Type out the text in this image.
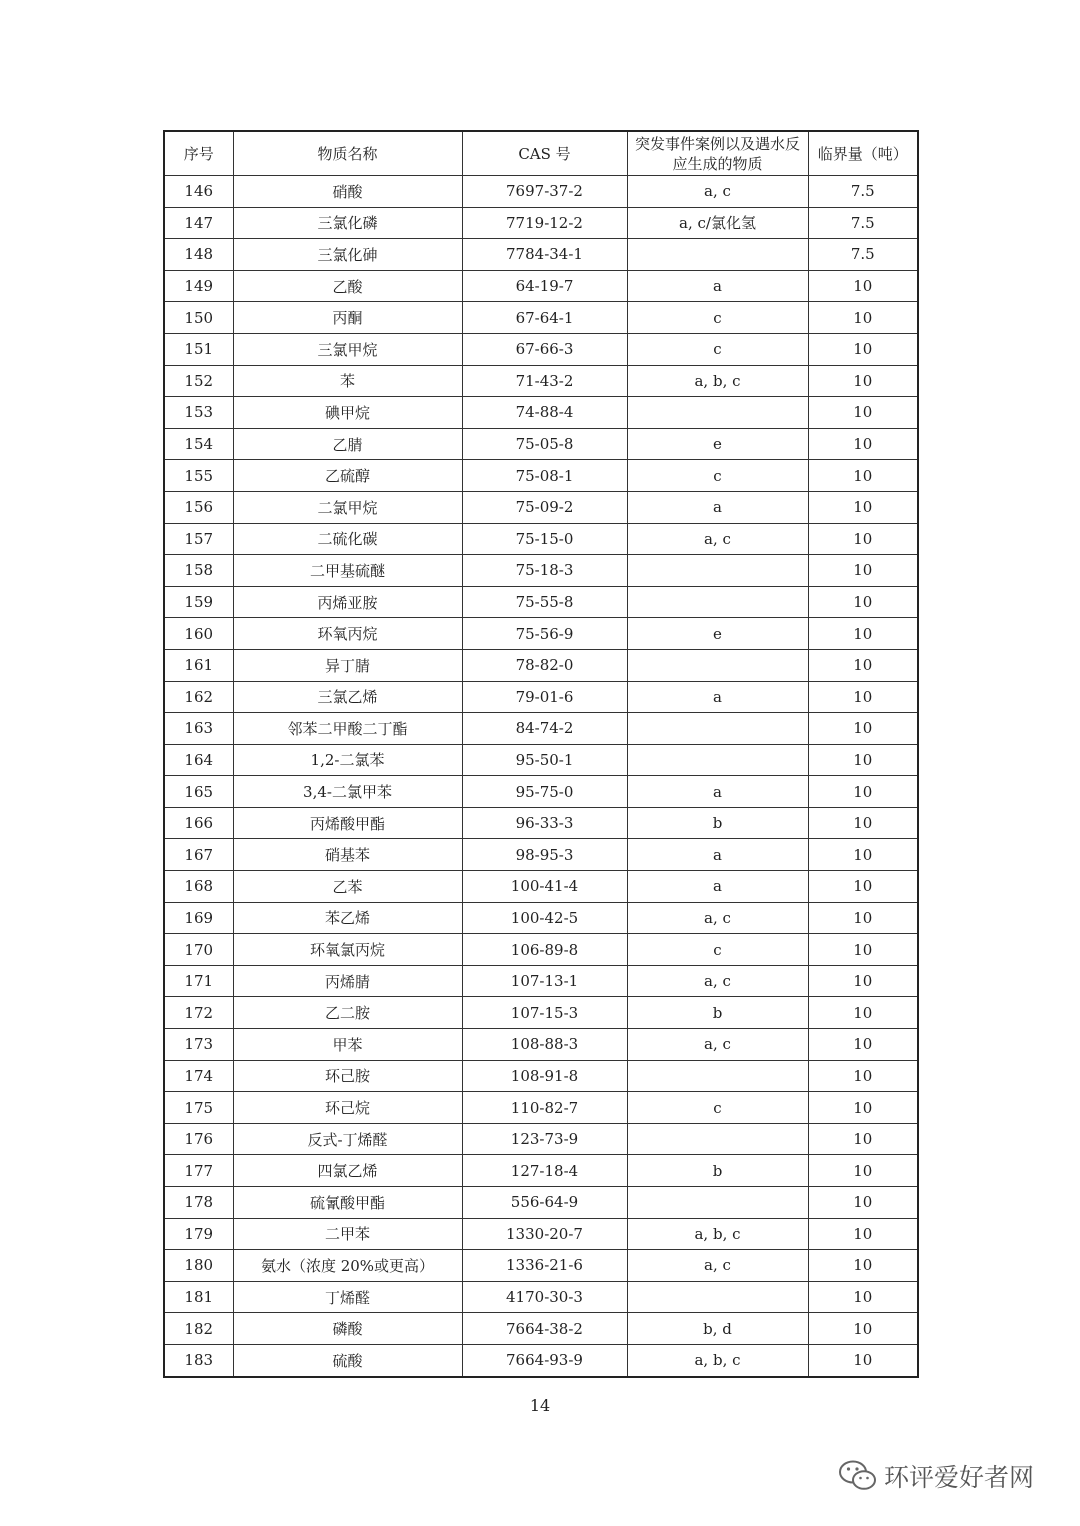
序号	物质名称	CAS 号	突发事件案例以及遇水反应生成的物质	临界量（吨）
146	硝酸	7697-37-2	a, c	7.5
147	三氯化磷	7719-12-2	a, c/氯化氢	7.5
148	三氯化砷	7784-34-1		7.5
149	乙酸	64-19-7	a	10
150	丙酮	67-64-1	c	10
151	三氯甲烷	67-66-3	c	10
152	苯	71-43-2	a, b, c	10
153	碘甲烷	74-88-4		10
154	乙腈	75-05-8	e	10
155	乙硫醇	75-08-1	c	10
156	二氯甲烷	75-09-2	a	10
157	二硫化碳	75-15-0	a, c	10
158	二甲基硫醚	75-18-3		10
159	丙烯亚胺	75-55-8		10
160	环氧丙烷	75-56-9	e	10
161	异丁腈	78-82-0		10
162	三氯乙烯	79-01-6	a	10
163	邻苯二甲酸二丁酯	84-74-2		10
164	1,2-二氯苯	95-50-1		10
165	3,4-二氯甲苯	95-75-0	a	10
166	丙烯酸甲酯	96-33-3	b	10
167	硝基苯	98-95-3	a	10
168	乙苯	100-41-4	a	10
169	苯乙烯	100-42-5	a, c	10
170	环氧氯丙烷	106-89-8	c	10
171	丙烯腈	107-13-1	a, c	10
172	乙二胺	107-15-3	b	10
173	甲苯	108-88-3	a, c	10
174	环己胺	108-91-8		10
175	环己烷	110-82-7	c	10
176	反式-丁烯醛	123-73-9		10
177	四氯乙烯	127-18-4	b	10
178	硫氰酸甲酯	556-64-9		10
179	二甲苯	1330-20-7	a, b, c	10
180	氨水（浓度 20%或更高）	1336-21-6	a, c	10
181	丁烯醛	4170-30-3		10
182	磷酸	7664-38-2	b, d	10
183	硫酸	7664-93-9	a, b, c	10
14
环评爱好者网
